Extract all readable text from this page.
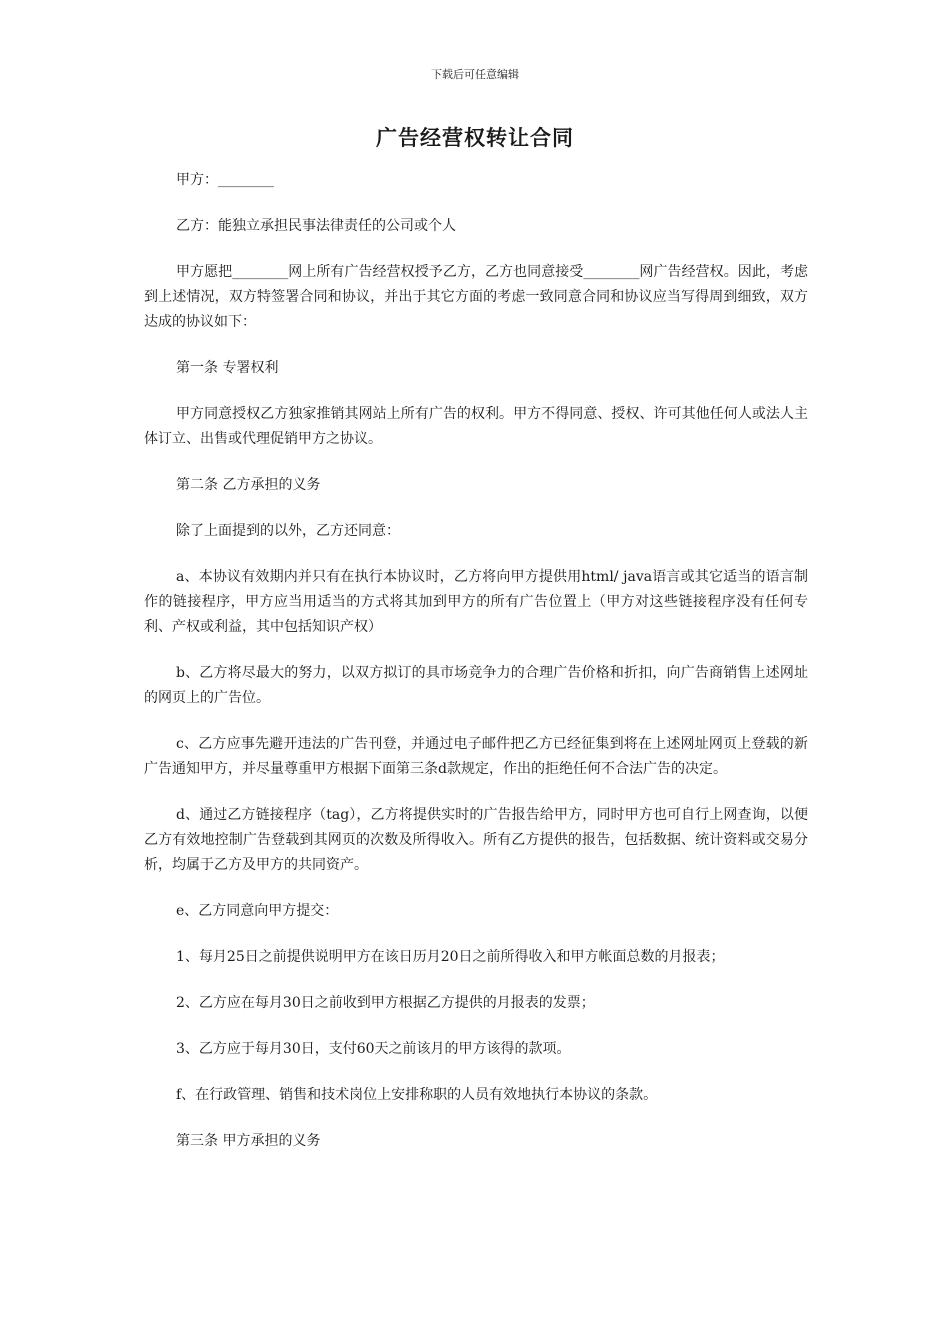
下载后可任意编辑
广告经营权转让合同

甲方：________

乙方：能独立承担民事法律责任的公司或个人

甲方愿把________网上所有广告经营权授予乙方，乙方也同意接受________网广告经营权。因此，考虑到上述情况，双方特签署合同和协议，并出于其它方面的考虑一致同意合同和协议应当写得周到细致，双方达成的协议如下：

第一条 专署权利

甲方同意授权乙方独家推销其网站上所有广告的权利。甲方不得同意、授权、许可其他任何人或法人主体订立、出售或代理促销甲方之协议。

第二条 乙方承担的义务

除了上面提到的以外，乙方还同意：

a、本协议有效期内并只有在执行本协议时，乙方将向甲方提供用html/ java语言或其它适当的语言制作的链接程序，甲方应当用适当的方式将其加到甲方的所有广告位置上（甲方对这些链接程序没有任何专利、产权或利益，其中包括知识产权）

b、乙方将尽最大的努力，以双方拟订的具市场竞争力的合理广告价格和折扣，向广告商销售上述网址的网页上的广告位。

c、乙方应事先避开违法的广告刊登，并通过电子邮件把乙方已经征集到将在上述网址网页上登载的新广告通知甲方，并尽量尊重甲方根据下面第三条d款规定，作出的拒绝任何不合法广告的决定。

d、通过乙方链接程序（tag），乙方将提供实时的广告报告给甲方，同时甲方也可自行上网查询，以便乙方有效地控制广告登载到其网页的次数及所得收入。所有乙方提供的报告，包括数据、统计资料或交易分析，均属于乙方及甲方的共同资产。

e、乙方同意向甲方提交：

1、每月25日之前提供说明甲方在该日历月20日之前所得收入和甲方帐面总数的月报表；

2、乙方应在每月30日之前收到甲方根据乙方提供的月报表的发票；

3、乙方应于每月30日，支付60天之前该月的甲方该得的款项。

f、在行政管理、销售和技术岗位上安排称职的人员有效地执行本协议的条款。

第三条 甲方承担的义务
